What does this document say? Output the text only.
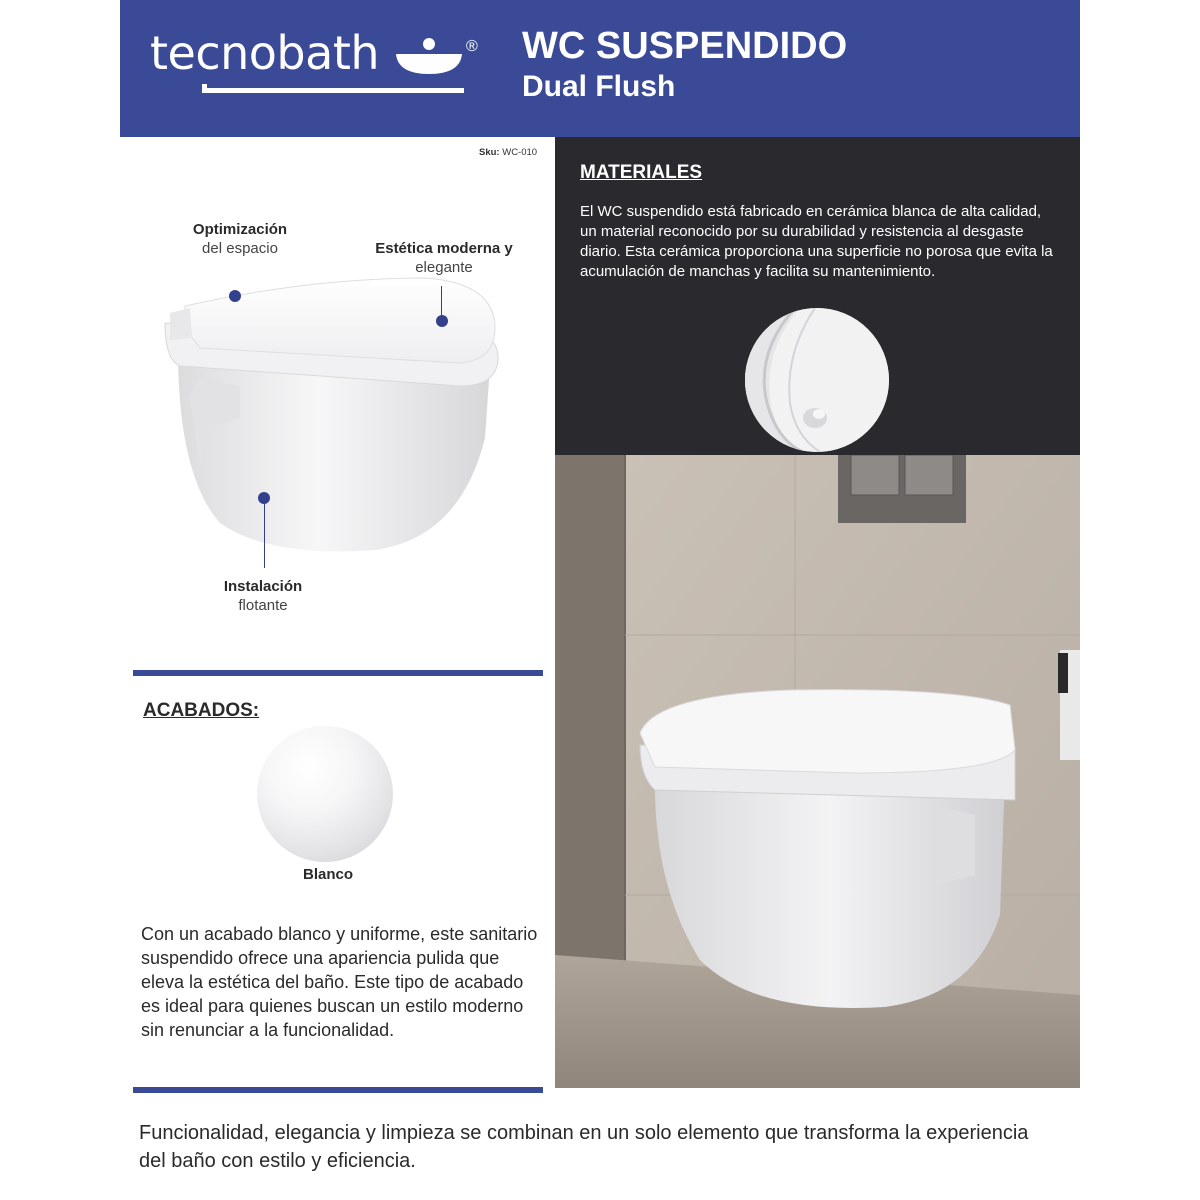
tecnobath	® WC SUSPENDIDO
Dual Flush
Sku: WC-010
Optimización
del espacio	Estética moderna y
elegante
Instalación
flotante
ACABADOS:
Blanco
Con un acabado blanco y uniforme, este sanitario suspendido ofrece una apariencia pulida que eleva la estética del baño. Este tipo de acabado es ideal para quienes buscan un estilo moderno sin renunciar a la funcionalidad.
MATERIALES
El WC suspendido está fabricado en cerámica blanca de alta calidad, un material reconocido por su durabilidad y resistencia al desgaste diario. Esta cerámica proporciona una superficie no porosa que evita la acumulación de manchas y facilita su mantenimiento.
Funcionalidad, elegancia y limpieza se combinan en un solo elemento que transforma la experiencia del baño con estilo y eficiencia.
